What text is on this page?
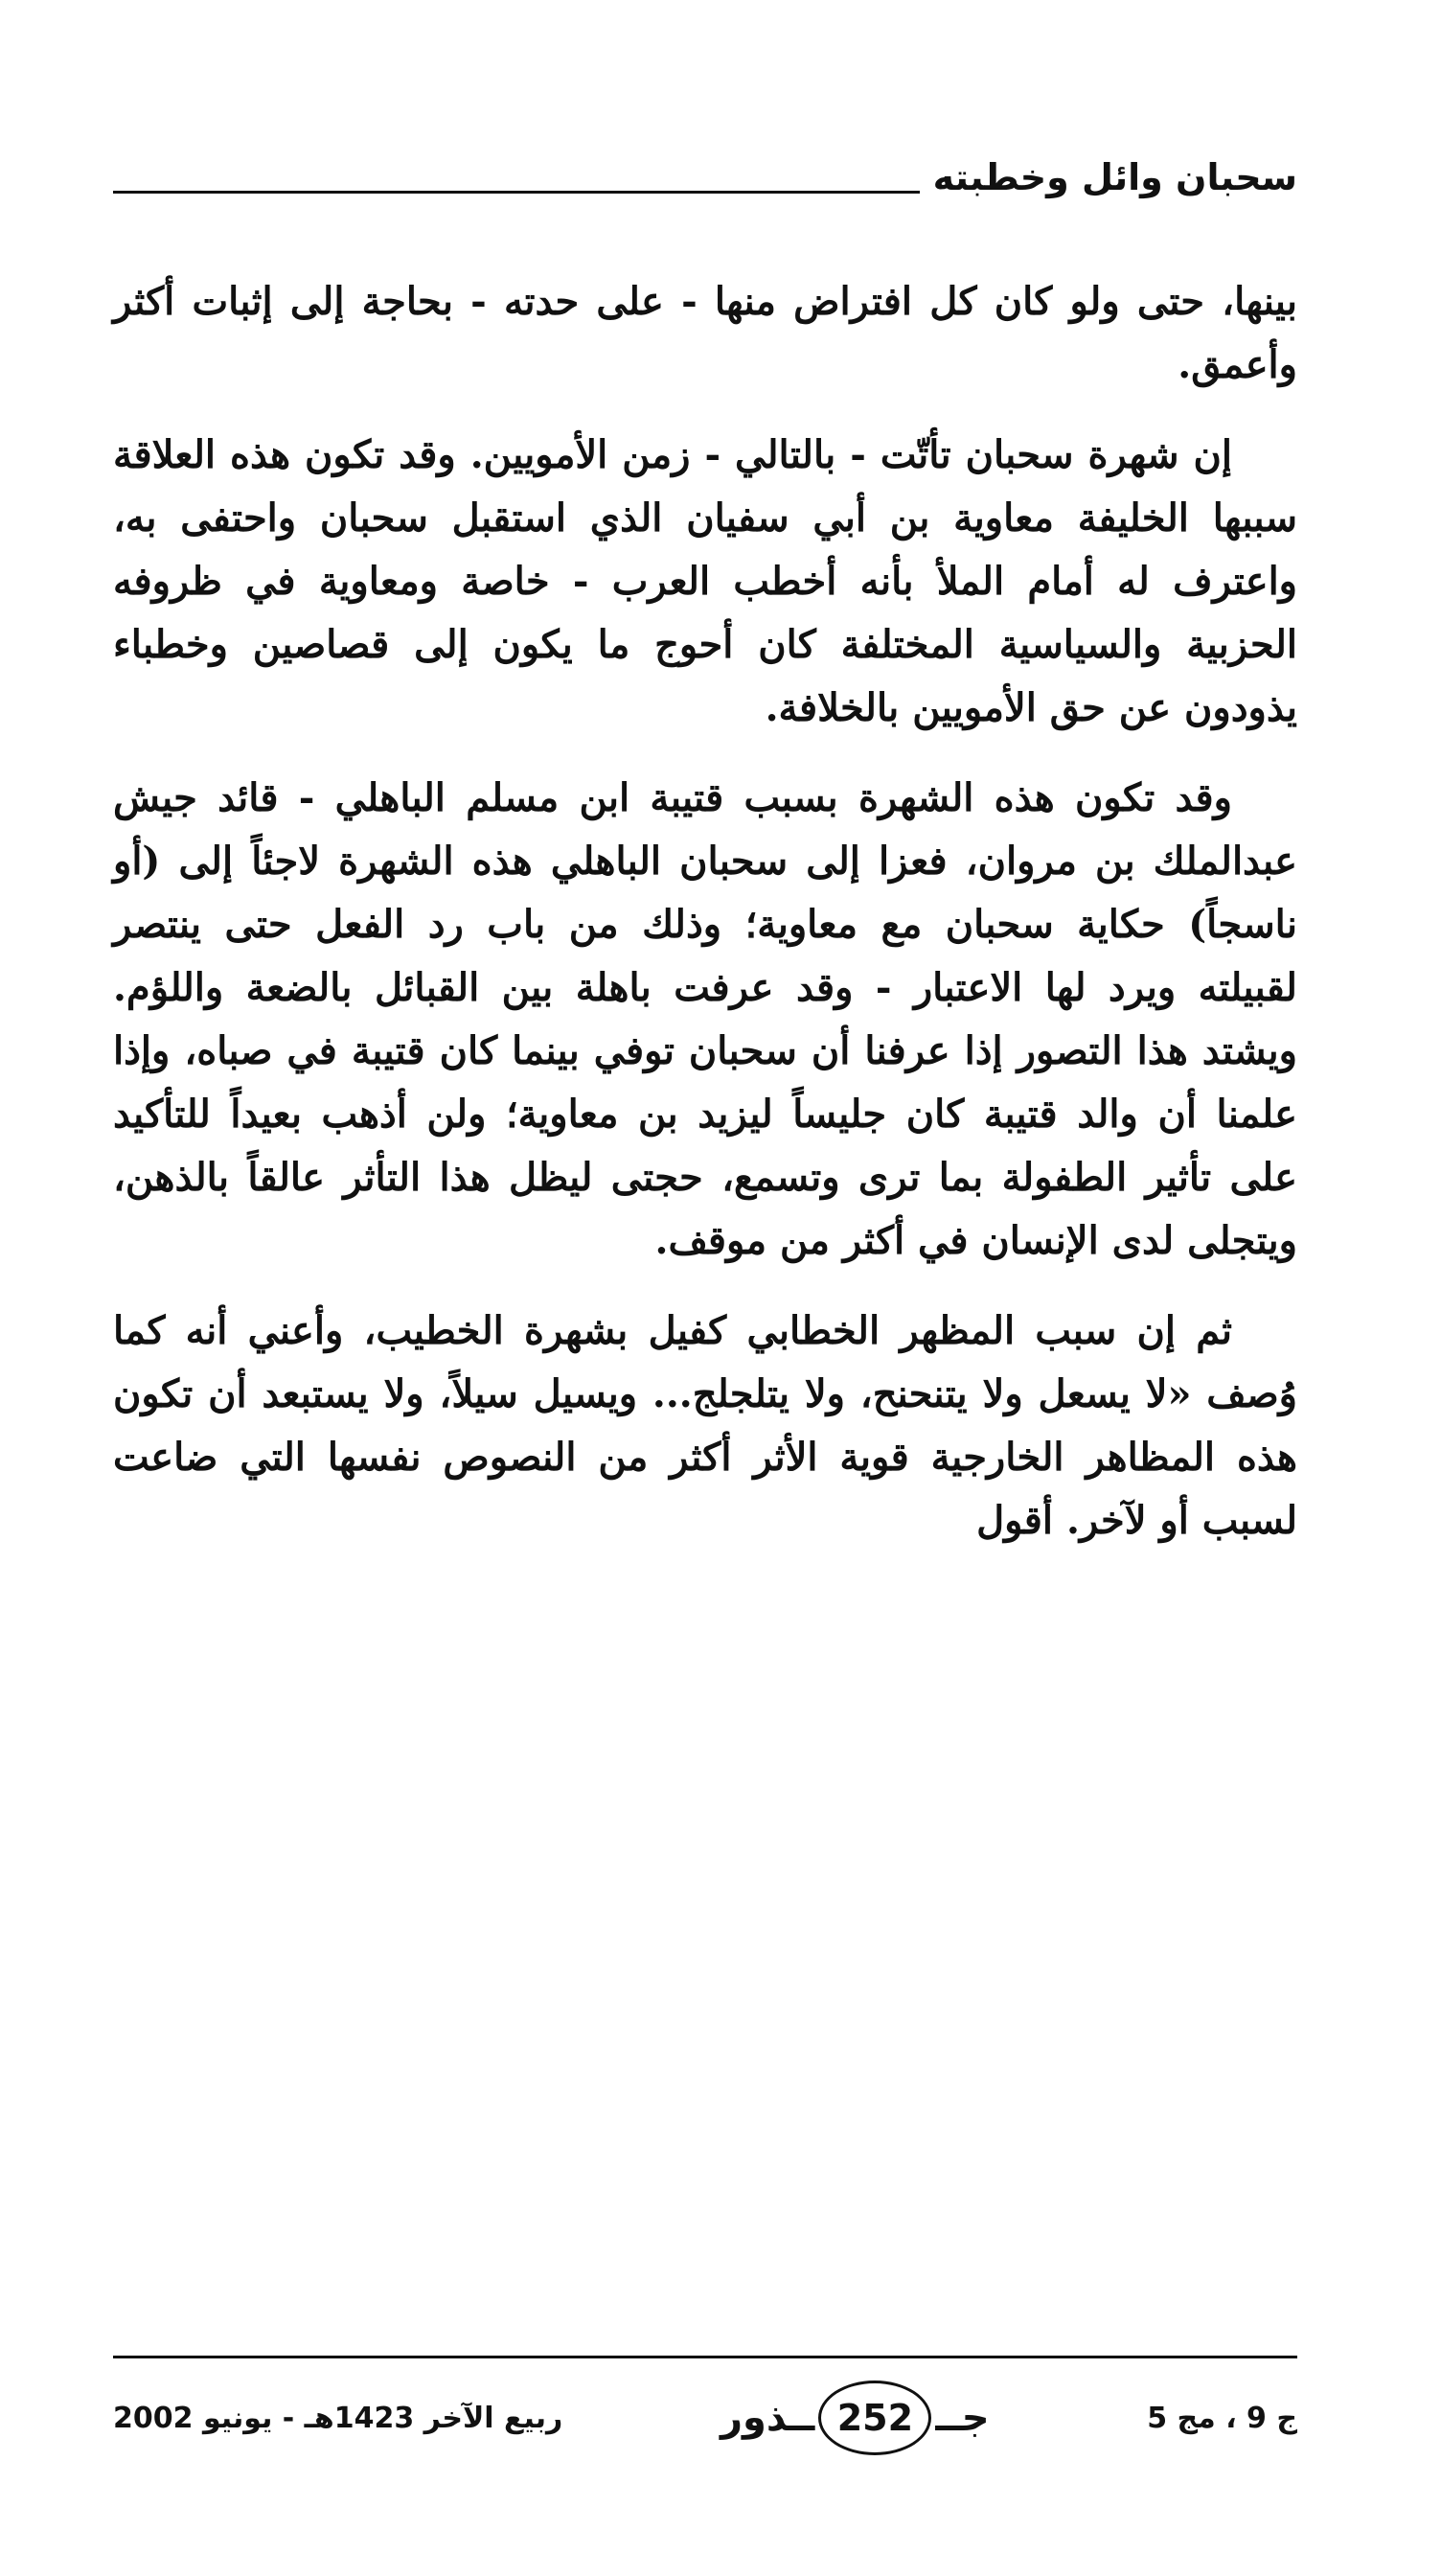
سحبان وائل وخطبته

بينها، حتى ولو كان كل افتراض منها - على حدته - بحاجة إلى إثبات أكثر وأعمق.

إن شهرة سحبان تأتّت - بالتالي - زمن الأمويين. وقد تكون هذه العلاقة سببها الخليفة معاوية بن أبي سفيان الذي استقبل سحبان واحتفى به، واعترف له أمام الملأ بأنه أخطب العرب - خاصة ومعاوية في ظروفه الحزبية والسياسية المختلفة كان أحوج ما يكون إلى قصاصين وخطباء يذودون عن حق الأمويين بالخلافة.

وقد تكون هذه الشهرة بسبب قتيبة ابن مسلم الباهلي - قائد جيش عبدالملك بن مروان، فعزا إلى سحبان الباهلي هذه الشهرة لاجئاً إلى (أو ناسجاً) حكاية سحبان مع معاوية؛ وذلك من باب رد الفعل حتى ينتصر لقبيلته ويرد لها الاعتبار - وقد عرفت باهلة بين القبائل بالضعة واللؤم. ويشتد هذا التصور إذا عرفنا أن سحبان توفي بينما كان قتيبة في صباه، وإذا علمنا أن والد قتيبة كان جليساً ليزيد بن معاوية؛ ولن أذهب بعيداً للتأكيد على تأثير الطفولة بما ترى وتسمع، حجتى ليظل هذا التأثر عالقاً بالذهن، ويتجلى لدى الإنسان في أكثر من موقف.

ثم إن سبب المظهر الخطابي كفيل بشهرة الخطيب، وأعني أنه كما وُصف «لا يسعل ولا يتنحنح، ولا يتلجلج... ويسيل سيلاً، ولا يستبعد أن تكون هذه المظاهر الخارجية قوية الأثر أكثر من النصوص نفسها التي ضاعت لسبب أو لآخر. أقول

ج 9 ، مج 5
جــ
252
ــذور
ربيع الآخر 1423هـ - يونيو 2002
